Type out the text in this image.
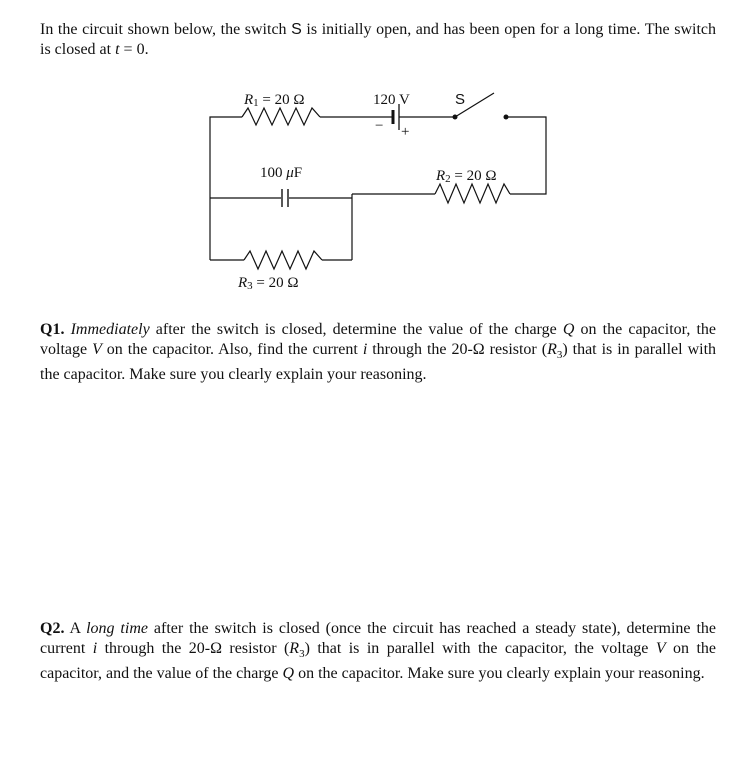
In the circuit shown below, the switch S is initially open, and has been open for a long time. The switch is closed at t = 0.
R1 = 20 Ω	120 V
− +
S
100 μF	R2 = 20 Ω
R3 = 20 Ω
Q1. Immediately after the switch is closed, determine the value of the charge Q on the capacitor, the voltage V on the capacitor. Also, find the current i through the 20-Ω resistor $(R_3)$ that is in parallel with the capacitor. Make sure you clearly explain your reasoning.
Q2. A long time after the switch is closed (once the circuit has reached a steady state), determine the current i through the 20-Ω resistor $(R_3)$ that is in parallel with the capacitor, the voltage V on the capacitor, and the value of the charge Q on the capacitor. Make sure you clearly explain your reasoning.
